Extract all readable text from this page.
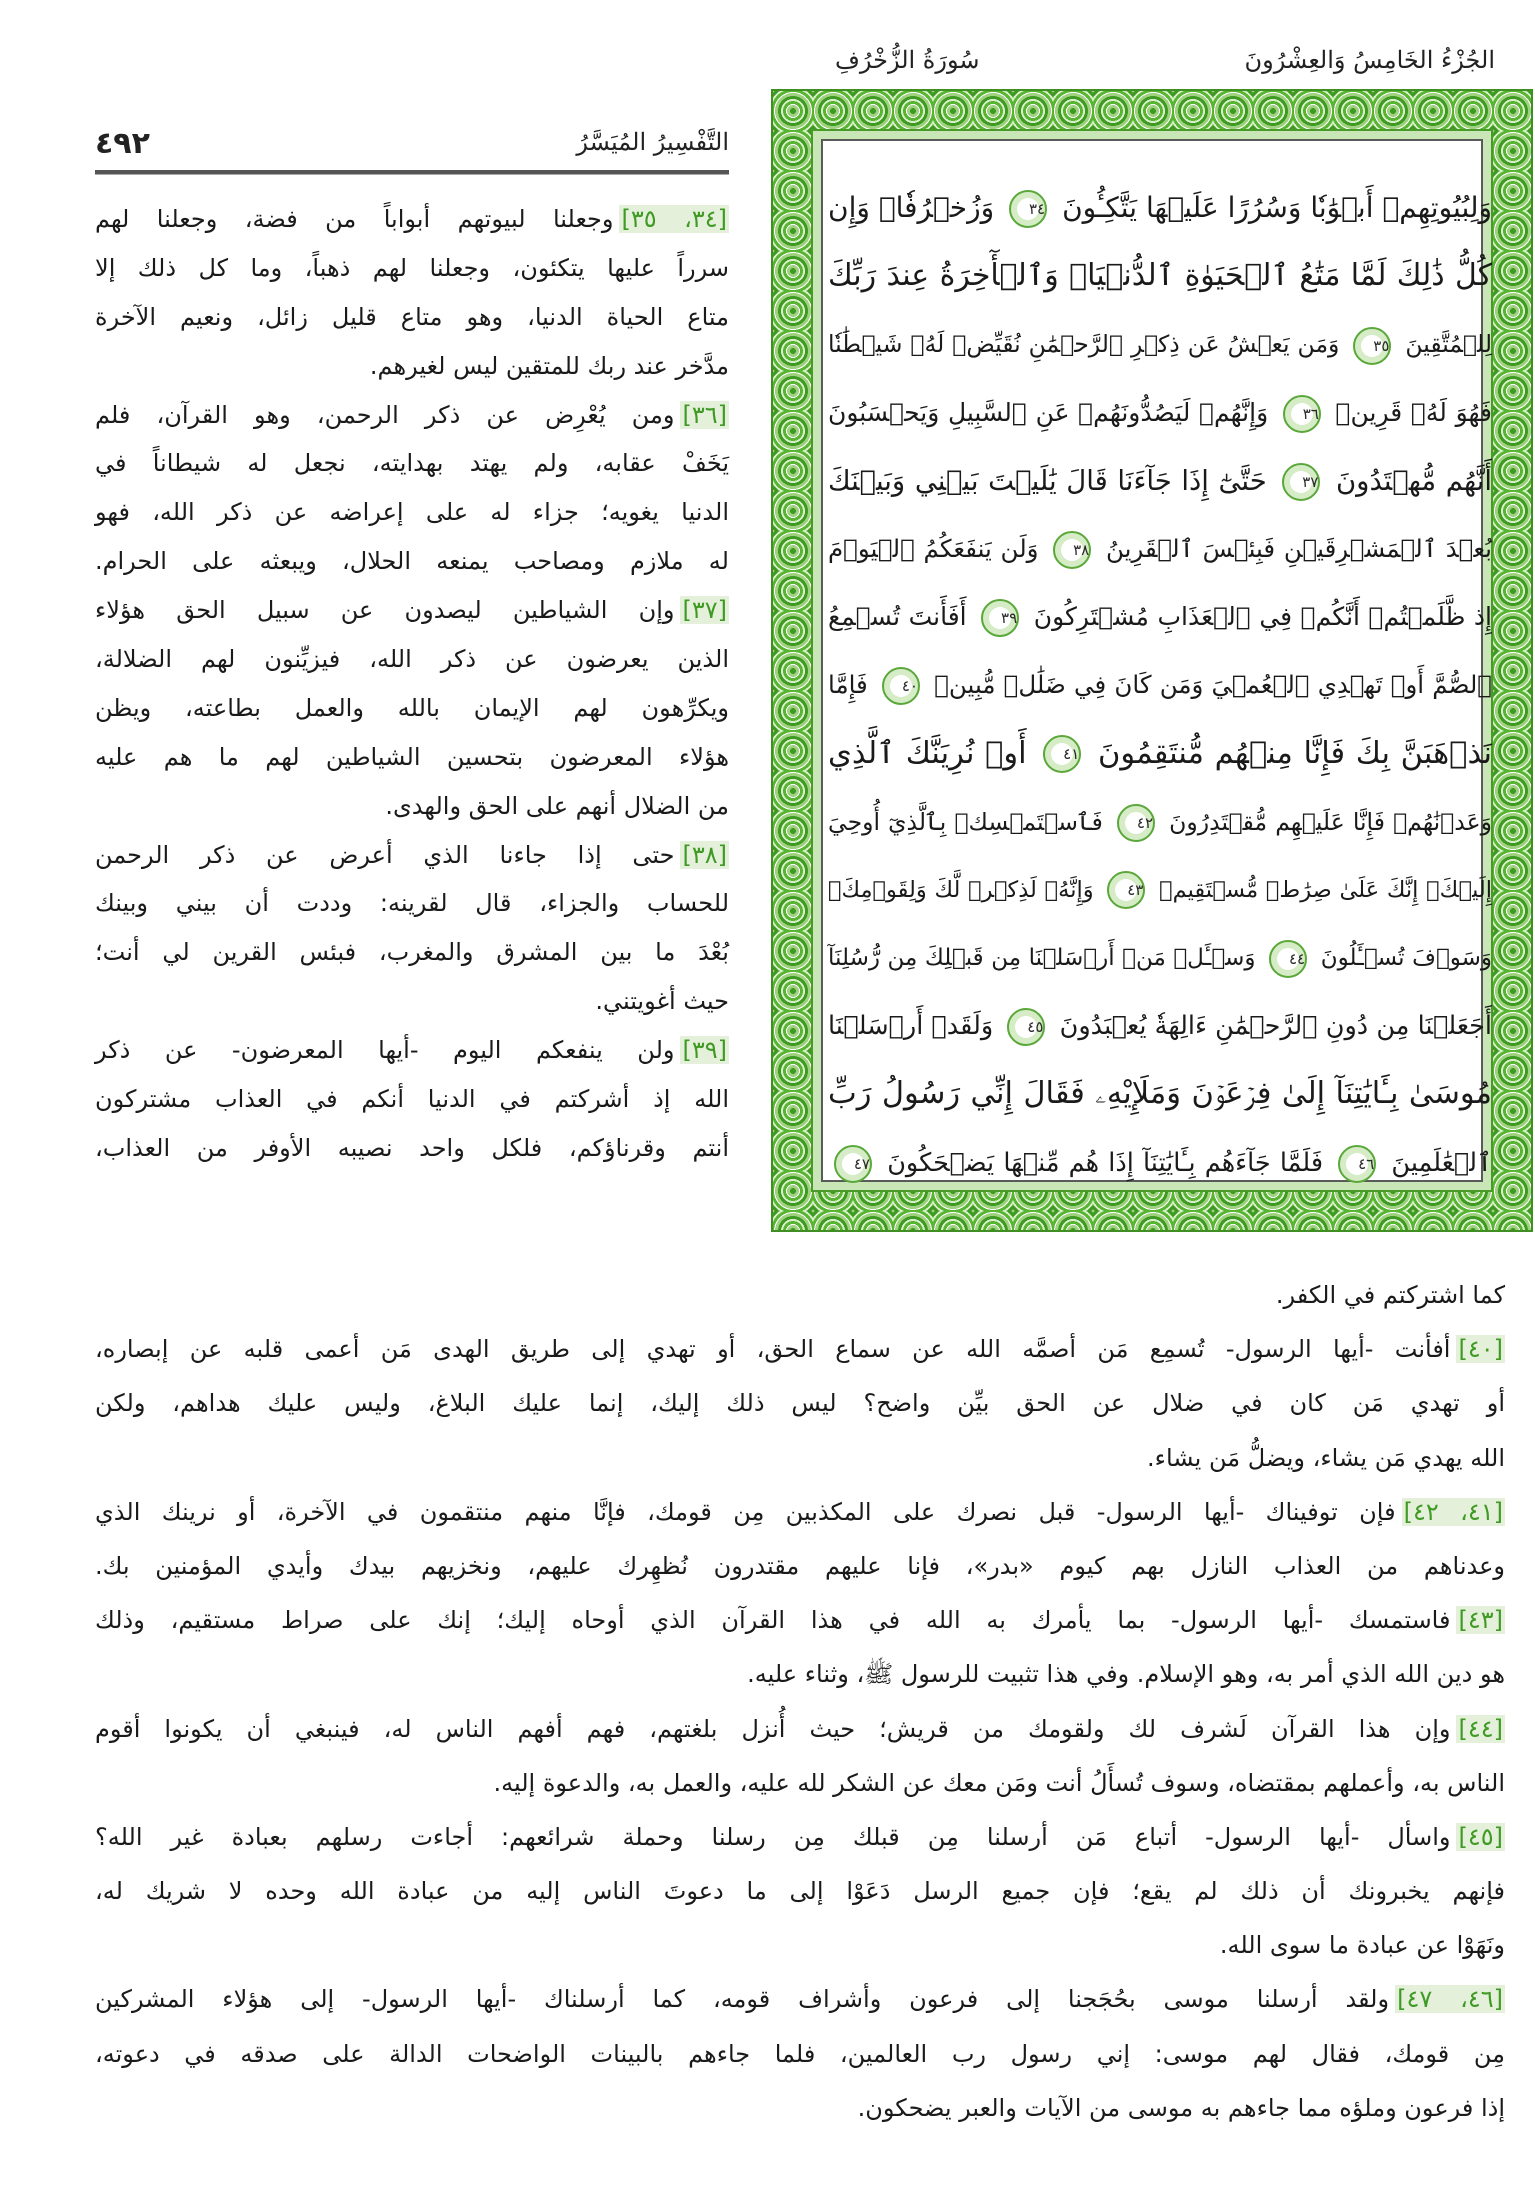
الجُزْءُ الخَامِسُ وَالعِشْرُونَ
سُورَةُ الزُّخْرُفِ
التَّفْسِيرُ المُيَسَّرُ
٤٩٢
وَلِبُيُوتِهِمۡ أَبۡوَٰبٗا وَسُرُرًا عَلَيۡهَا يَتَّكِـُٔونَ ٣٤ وَزُخۡرُفٗاۚ وَإِن
كُلُّ ذَٰلِكَ لَمَّا مَتَٰعُ ٱلۡحَيَوٰةِ ٱلدُّنۡيَاۚ وَٱلۡأٓخِرَةُ عِندَ رَبِّكَ
لِلۡمُتَّقِينَ ٣٥ وَمَن يَعۡشُ عَن ذِكۡرِ ٱلرَّحۡمَٰنِ نُقَيِّضۡ لَهُۥ شَيۡطَٰنٗا
فَهُوَ لَهُۥ قَرِينٞ ٣٦ وَإِنَّهُمۡ لَيَصُدُّونَهُمۡ عَنِ ٱلسَّبِيلِ وَيَحۡسَبُونَ
أَنَّهُم مُّهۡتَدُونَ ٣٧ حَتَّىٰٓ إِذَا جَآءَنَا قَالَ يَٰلَيۡتَ بَيۡنِي وَبَيۡنَكَ
بُعۡدَ ٱلۡمَشۡرِقَيۡنِ فَبِئۡسَ ٱلۡقَرِينُ ٣٨ وَلَن يَنفَعَكُمُ ٱلۡيَوۡمَ
إِذ ظَّلَمۡتُمۡ أَنَّكُمۡ فِي ٱلۡعَذَابِ مُشۡتَرِكُونَ ٣٩ أَفَأَنتَ تُسۡمِعُ
ٱلصُّمَّ أَوۡ تَهۡدِي ٱلۡعُمۡيَ وَمَن كَانَ فِي ضَلَٰلٖ مُّبِينٖ ٤٠ فَإِمَّا
نَذۡهَبَنَّ بِكَ فَإِنَّا مِنۡهُم مُّنتَقِمُونَ ٤١ أَوۡ نُرِيَنَّكَ ٱلَّذِي
وَعَدۡنَٰهُمۡ فَإِنَّا عَلَيۡهِم مُّقۡتَدِرُونَ ٤٢ فَٱسۡتَمۡسِكۡ بِٱلَّذِيٓ أُوحِيَ
إِلَيۡكَۖ إِنَّكَ عَلَىٰ صِرَٰطٖ مُّسۡتَقِيمٖ ٤٣ وَإِنَّهُۥ لَذِكۡرٞ لَّكَ وَلِقَوۡمِكَۖ
وَسَوۡفَ تُسۡـَٔلُونَ ٤٤ وَسۡـَٔلۡ مَنۡ أَرۡسَلۡنَا مِن قَبۡلِكَ مِن رُّسُلِنَآ
أَجَعَلۡنَا مِن دُونِ ٱلرَّحۡمَٰنِ ءَالِهَةٗ يُعۡبَدُونَ ٤٥ وَلَقَدۡ أَرۡسَلۡنَا
مُوسَىٰ بِـَٔايَٰتِنَآ إِلَىٰ فِرۡعَوۡنَ وَمَلَإِيْهِۦ فَقَالَ إِنِّي رَسُولُ رَبِّ
ٱلۡعَٰلَمِينَ ٤٦ فَلَمَّا جَآءَهُم بِـَٔايَٰتِنَآ إِذَا هُم مِّنۡهَا يَضۡحَكُونَ ٤٧
[٣٤، ٣٥]وجعلنا لبيوتهم أبواباً من فضة، وجعلنا لهم
سرراً عليها يتكئون، وجعلنا لهم ذهباً، وما كل ذلك إلا
متاع الحياة الدنيا، وهو متاع قليل زائل، ونعيم الآخرة
مدَّخر عند ربك للمتقين ليس لغيرهم.
[٣٦]ومن يُعْرِض عن ذكر الرحمن، وهو القرآن، فلم
يَخَفْ عقابه، ولم يهتد بهدايته، نجعل له شيطاناً في
الدنيا يغويه؛ جزاء له على إعراضه عن ذكر الله، فهو
له ملازم ومصاحب يمنعه الحلال، ويبعثه على الحرام.
[٣٧]وإن الشياطين ليصدون عن سبيل الحق هؤلاء
الذين يعرضون عن ذكر الله، فيزيِّنون لهم الضلالة،
ويكرِّهون لهم الإيمان بالله والعمل بطاعته، ويظن
هؤلاء المعرضون بتحسين الشياطين لهم ما هم عليه
من الضلال أنهم على الحق والهدى.
[٣٨]حتى إذا جاءنا الذي أعرض عن ذكر الرحمن
للحساب والجزاء، قال لقرينه: وددت أن بيني وبينك
بُعْدَ ما بين المشرق والمغرب، فبئس القرين لي أنت؛
حيث أغويتني.
[٣٩]ولن ينفعكم اليوم -أيها المعرضون- عن ذكر
الله إذ أشركتم في الدنيا أنكم في العذاب مشتركون
أنتم وقرناؤكم، فلكل واحد نصيبه الأوفر من العذاب،
كما اشتركتم في الكفر.
[٤٠]أفأنت -أيها الرسول- تُسمِع مَن أصمَّه الله عن سماع الحق، أو تهدي إلى طريق الهدى مَن أعمى قلبه عن إبصاره،
أو تهدي مَن كان في ضلال عن الحق بيِّن واضح؟ ليس ذلك إليك، إنما عليك البلاغ، وليس عليك هداهم، ولكن
الله يهدي مَن يشاء، ويضلُّ مَن يشاء.
[٤١، ٤٢]فإن توفيناك -أيها الرسول- قبل نصرك على المكذبين مِن قومك، فإنَّا منهم منتقمون في الآخرة، أو نرينك الذي
وعدناهم من العذاب النازل بهم كيوم «بدر»، فإنا عليهم مقتدرون نُظهِرك عليهم، ونخزيهم بيدك وأيدي المؤمنين بك.
[٤٣]فاستمسك -أيها الرسول- بما يأمرك به الله في هذا القرآن الذي أوحاه إليك؛ إنك على صراط مستقيم، وذلك
هو دين الله الذي أمر به، وهو الإسلام. وفي هذا تثبيت للرسول ﷺ، وثناء عليه.
[٤٤]وإن هذا القرآن لَشرف لك ولقومك من قريش؛ حيث أُنزل بلغتهم، فهم أفهم الناس له، فينبغي أن يكونوا أقوم
الناس به، وأعملهم بمقتضاه، وسوف تُسأَلُ أنت ومَن معك عن الشكر لله عليه، والعمل به، والدعوة إليه.
[٤٥]واسأل -أيها الرسول- أتباع مَن أرسلنا مِن قبلك مِن رسلنا وحملة شرائعهم: أجاءت رسلهم بعبادة غير الله؟
فإنهم يخبرونك أن ذلك لم يقع؛ فإن جميع الرسل دَعَوْا إلى ما دعوتَ الناس إليه من عبادة الله وحده لا شريك له،
ونَهَوْا عن عبادة ما سوى الله.
[٤٦، ٤٧]ولقد أرسلنا موسى بحُجَجنا إلى فرعون وأشراف قومه، كما أرسلناك -أيها الرسول- إلى هؤلاء المشركين
مِن قومك، فقال لهم موسى: إني رسول رب العالمين، فلما جاءهم بالبينات الواضحات الدالة على صدقه في دعوته،
إذا فرعون وملؤه مما جاءهم به موسى من الآيات والعبر يضحكون.
